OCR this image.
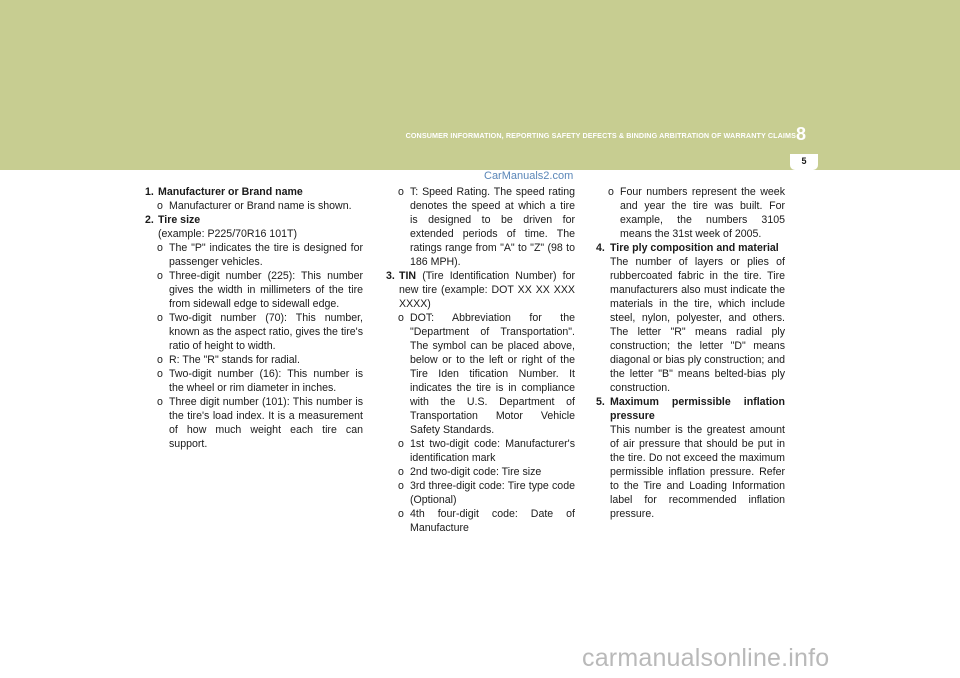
CONSUMER INFORMATION, REPORTING SAFETY DEFECTS & BINDING ARBITRATION OF WARRANTY CLAIMS 8
5
CarManuals2.com
1. Manufacturer or Brand name
o Manufacturer or Brand name is shown.
2. Tire size
(example: P225/70R16 101T)
o The "P" indicates the tire is designed for passenger vehicles.
o Three-digit number (225): This number gives the width in millimeters of the tire from sidewall edge to sidewall edge.
o Two-digit number (70): This number, known as the aspect ratio, gives the tire's ratio of height to width.
o R: The "R" stands for radial.
o Two-digit number (16): This number is the wheel or rim diameter in inches.
o Three digit number (101): This number is the tire's load index. It is a measurement of how much weight each tire can support.
o T: Speed Rating. The speed rating denotes the speed at which a tire is designed to be driven for extended periods of time. The ratings range from "A" to "Z" (98 to 186 MPH).
3. TIN (Tire Identification Number) for new tire (example: DOT XX XX XXX XXXX)
o DOT: Abbreviation for the "Department of Transportation". The symbol can be placed above, below or to the left or right of the Tire Iden tification Number. It indicates the tire is in compliance with the U.S. Department of Transportation Motor Vehicle Safety Standards.
o 1st two-digit code: Manufacturer's identification mark
o 2nd two-digit code: Tire size
o 3rd three-digit code: Tire type code (Optional)
o 4th four-digit code: Date of Manufacture
o Four numbers represent the week and year the tire was built. For example, the numbers 3105 means the 31st week of 2005.
4. Tire ply composition and material
The number of layers or plies of rubbercoated fabric in the tire. Tire manufacturers also must indicate the materials in the tire, which include steel, nylon, polyester, and others. The letter "R" means radial ply construction; the letter "D" means diagonal or bias ply construction; and the letter "B" means belted-bias ply construction.
5. Maximum permissible inflation pressure
This number is the greatest amount of air pressure that should be put in the tire. Do not exceed the maximum permissible inflation pressure. Refer to the Tire and Loading Information label for recommended inflation pressure.
carmanualsonline.info
